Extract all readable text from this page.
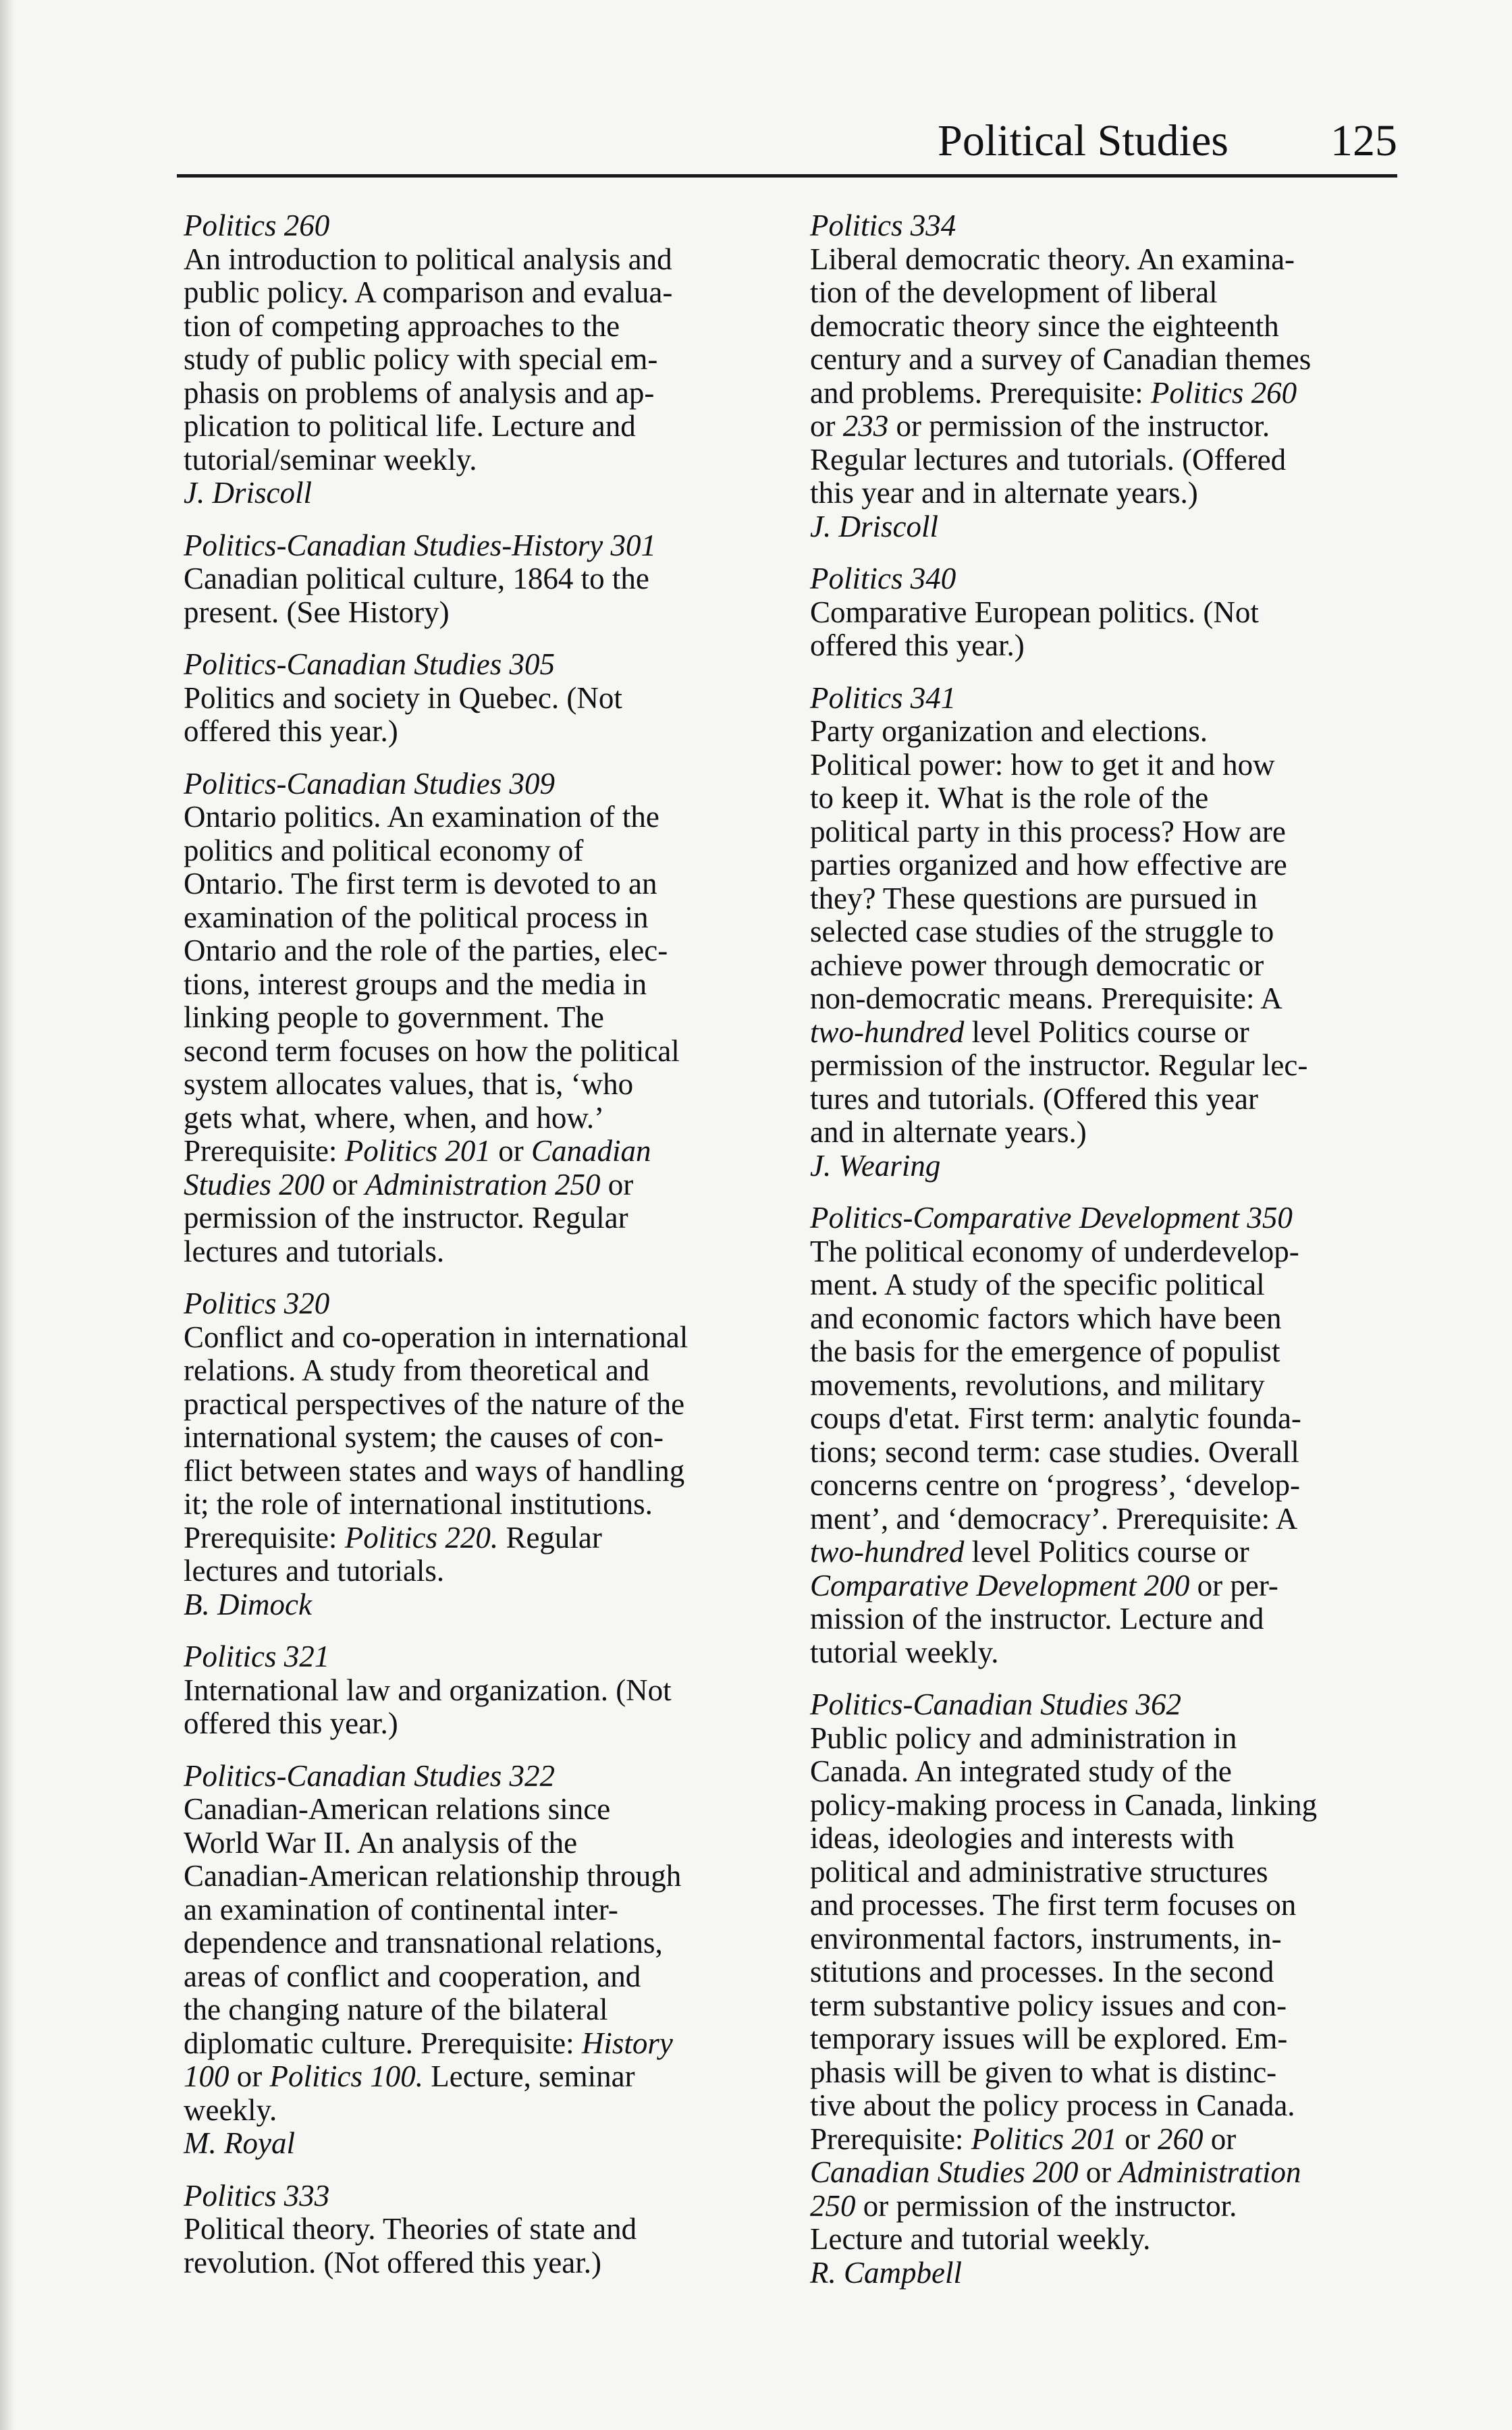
Political Studies 125
Politics 260
An introduction to political analysis and
public policy. A comparison and evalua-
tion of competing approaches to the
study of public policy with special em-
phasis on problems of analysis and ap-
plication to political life. Lecture and
tutorial/seminar weekly.
J. Driscoll
Politics-Canadian Studies-History 301
Canadian political culture, 1864 to the
present. (See History)
Politics-Canadian Studies 305
Politics and society in Quebec. (Not
offered this year.)
Politics-Canadian Studies 309
Ontario politics. An examination of the
politics and political economy of
Ontario. The first term is devoted to an
examination of the political process in
Ontario and the role of the parties, elec-
tions, interest groups and the media in
linking people to government. The
second term focuses on how the political
system allocates values, that is, ‘who
gets what, where, when, and how.’
Prerequisite: Politics 201 or Canadian
Studies 200 or Administration 250 or
permission of the instructor. Regular
lectures and tutorials.
Politics 320
Conflict and co-operation in international
relations. A study from theoretical and
practical perspectives of the nature of the
international system; the causes of con-
flict between states and ways of handling
it; the role of international institutions.
Prerequisite: Politics 220. Regular
lectures and tutorials.
B. Dimock
Politics 321
International law and organization. (Not
offered this year.)
Politics-Canadian Studies 322
Canadian-American relations since
World War II. An analysis of the
Canadian-American relationship through
an examination of continental inter-
dependence and transnational relations,
areas of conflict and cooperation, and
the changing nature of the bilateral
diplomatic culture. Prerequisite: History
100 or Politics 100. Lecture, seminar
weekly.
M. Royal
Politics 333
Political theory. Theories of state and
revolution. (Not offered this year.)
Politics 334
Liberal democratic theory. An examina-
tion of the development of liberal
democratic theory since the eighteenth
century and a survey of Canadian themes
and problems. Prerequisite: Politics 260
or 233 or permission of the instructor.
Regular lectures and tutorials. (Offered
this year and in alternate years.)
J. Driscoll
Politics 340
Comparative European politics. (Not
offered this year.)
Politics 341
Party organization and elections.
Political power: how to get it and how
to keep it. What is the role of the
political party in this process? How are
parties organized and how effective are
they? These questions are pursued in
selected case studies of the struggle to
achieve power through democratic or
non-democratic means. Prerequisite: A
two-hundred level Politics course or
permission of the instructor. Regular lec-
tures and tutorials. (Offered this year
and in alternate years.)
J. Wearing
Politics-Comparative Development 350
The political economy of underdevelop-
ment. A study of the specific political
and economic factors which have been
the basis for the emergence of populist
movements, revolutions, and military
coups d'etat. First term: analytic founda-
tions; second term: case studies. Overall
concerns centre on ‘progress’, ‘develop-
ment’, and ‘democracy’. Prerequisite: A
two-hundred level Politics course or
Comparative Development 200 or per-
mission of the instructor. Lecture and
tutorial weekly.
Politics-Canadian Studies 362
Public policy and administration in
Canada. An integrated study of the
policy-making process in Canada, linking
ideas, ideologies and interests with
political and administrative structures
and processes. The first term focuses on
environmental factors, instruments, in-
stitutions and processes. In the second
term substantive policy issues and con-
temporary issues will be explored. Em-
phasis will be given to what is distinc-
tive about the policy process in Canada.
Prerequisite: Politics 201 or 260 or
Canadian Studies 200 or Administration
250 or permission of the instructor.
Lecture and tutorial weekly.
R. Campbell
